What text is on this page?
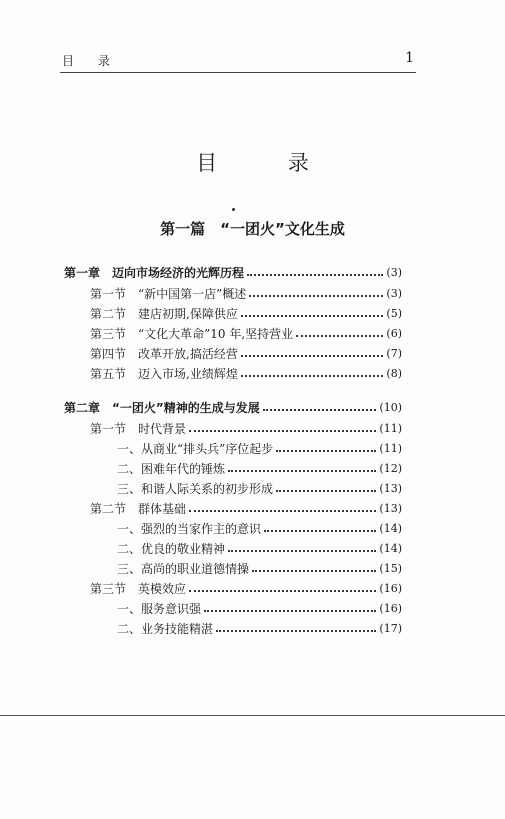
目 录	1
目 录
第一篇　“一团火”文化生成
第一章　迈向市场经济的光辉历程	(3)
第一节　“新中国第一店”概述	(3)
第二节　建店初期,保障供应	(5)
第三节　“文化大革命”10 年,坚持营业	(6)
第四节　改革开放,搞活经营	(7)
第五节　迈入市场,业绩辉煌	(8)
第二章　“一团火”精神的生成与发展	(10)
第一节　时代背景	(11)
一、从商业“排头兵”序位起步	(11)
二、困难年代的锤炼	(12)
三、和谐人际关系的初步形成	(13)
第二节　群体基础	(13)
一、强烈的当家作主的意识	(14)
二、优良的敬业精神	(14)
三、高尚的职业道德情操	(15)
第三节　英模效应	(16)
一、服务意识强	(16)
二、业务技能精湛	(17)
